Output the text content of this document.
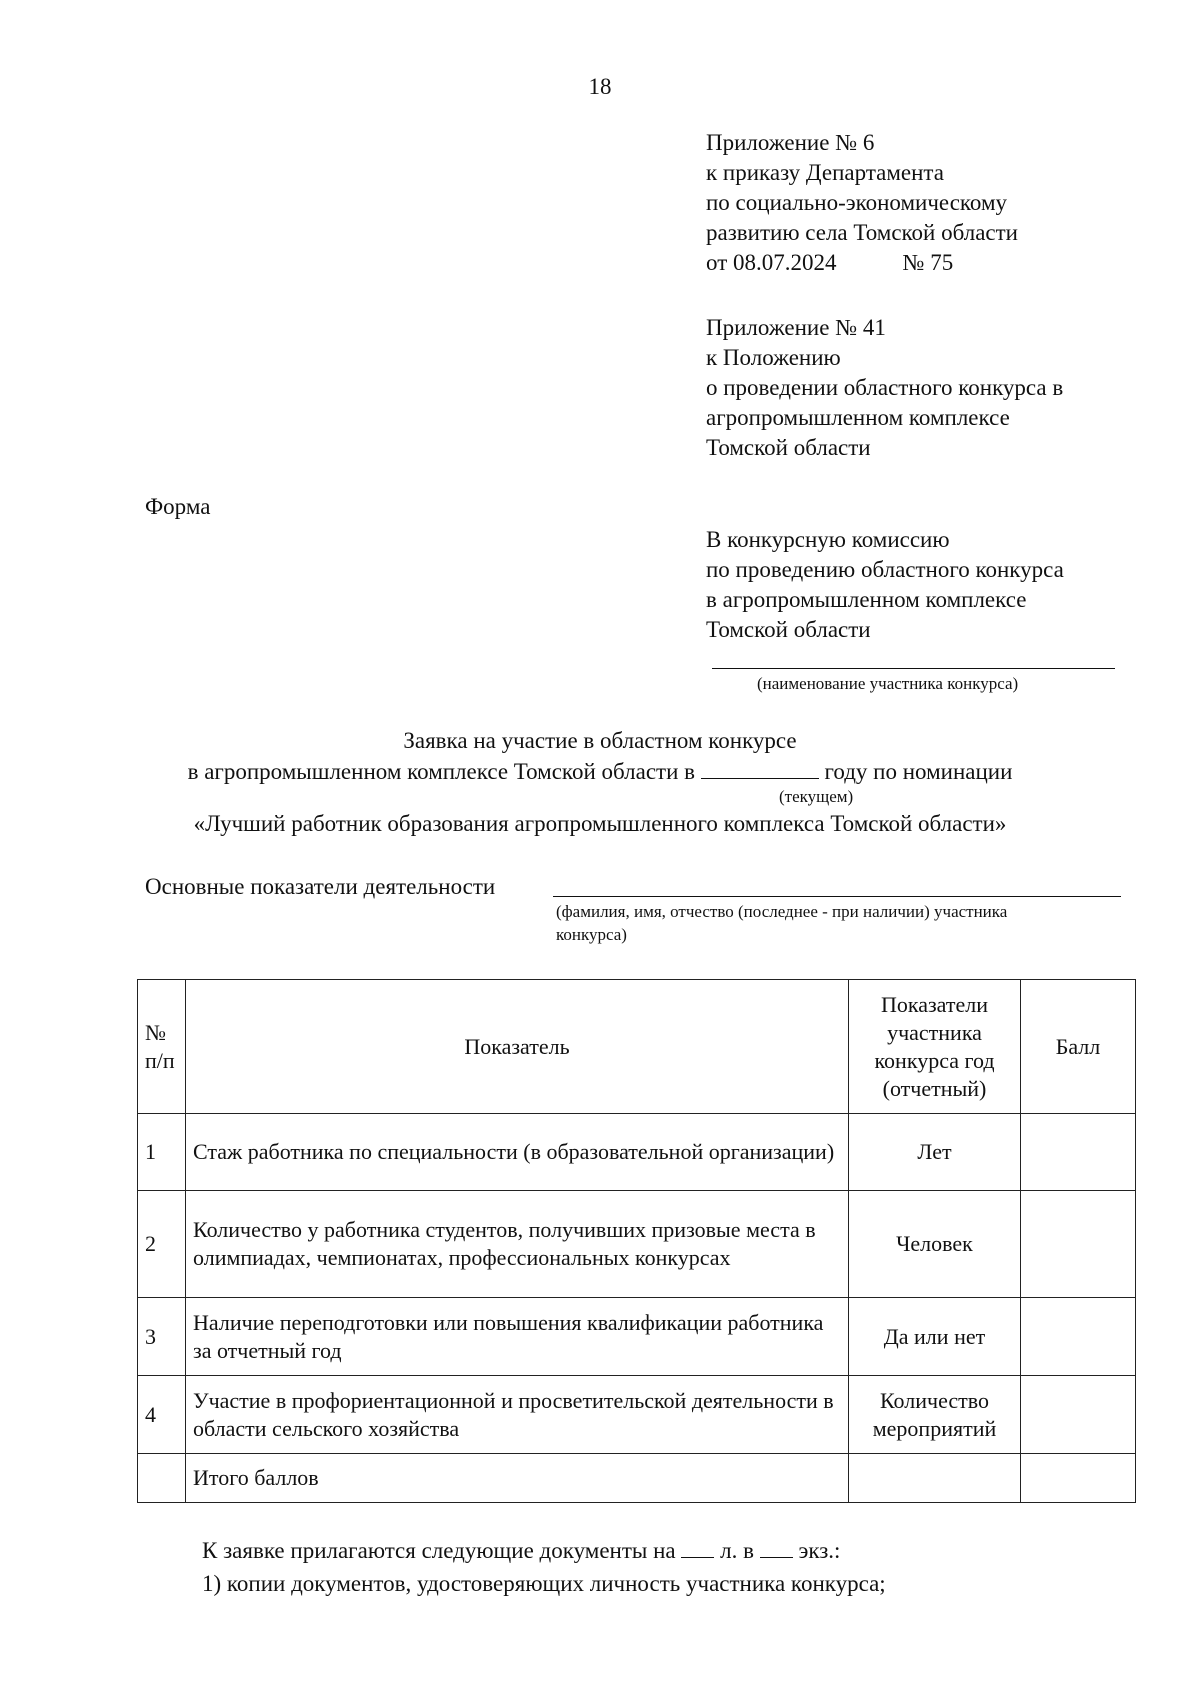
18
Приложение № 6
к приказу Департамента
по социально-экономическому
развитию села Томской области
от 08.07.2024	№ 75
Приложение № 41
к Положению
о проведении областного конкурса в
агропромышленном комплексе
Томской области
Форма
В конкурсную комиссию
по проведению областного конкурса
в агропромышленном комплексе
Томской области
(наименование участника конкурса)
Заявка на участие в областном конкурсе
в агропромышленном комплексе Томской области в	году по номинации
(текущем)
«Лучший работник образования агропромышленного комплекса Томской области»
Основные показатели деятельности
(фамилия, имя, отчество (последнее - при наличии) участника
конкурса)
№ п/п	Показатель	Показатели участника конкурса год (отчетный)	Балл
1	Стаж работника по специальности (в образовательной организации)	Лет	
2	Количество у работника студентов, получивших призовые места в олимпиадах, чемпионатах, профессиональных конкурсах	Человек	
3	Наличие переподготовки или повышения квалификации работника за отчетный год	Да или нет	
4	Участие в профориентационной и просветительской деятельности в области сельского хозяйства	Количество мероприятий	
	Итого баллов		
К заявке прилагаются следующие документы на л. в экз.:
1) копии документов, удостоверяющих личность участника конкурса;
